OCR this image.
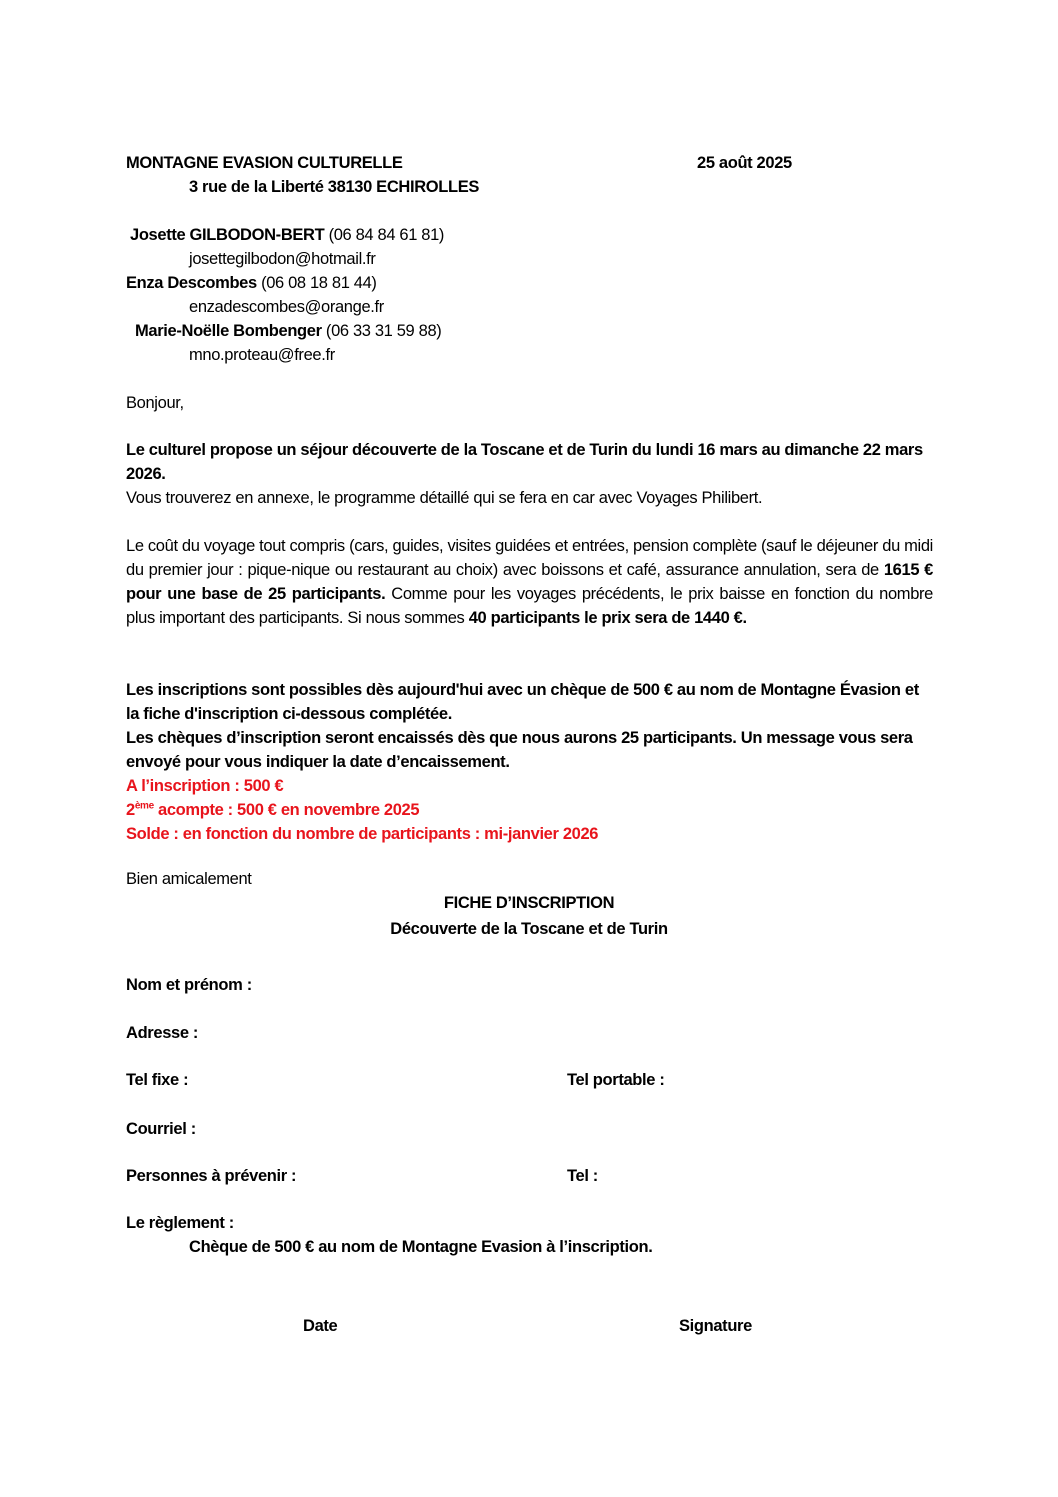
MONTAGNE EVASION CULTURELLE	25 août 2025
3 rue de la Liberté 38130 ECHIROLLES
Josette GILBODON-BERT (06 84 84 61 81)
josettegilbodon@hotmail.fr
Enza Descombes (06 08 18 81 44)
enzadescombes@orange.fr
Marie-Noëlle Bombenger (06 33 31 59 88)
mno.proteau@free.fr
Bonjour,
Le culturel propose un séjour découverte de la Toscane et de Turin du lundi 16 mars au dimanche 22 mars 2026.
Vous trouverez en annexe, le programme détaillé qui se fera en car avec Voyages Philibert.
Le coût du voyage tout compris (cars, guides, visites guidées et entrées, pension complète (sauf le déjeuner du midi du premier jour : pique-nique ou restaurant au choix) avec boissons et café, assurance annulation, sera de 1615 € pour une base de 25 participants. Comme pour les voyages précédents, le prix baisse en fonction du nombre plus important des participants. Si nous sommes 40 participants le prix sera de 1440 €.
Les inscriptions sont possibles dès aujourd'hui avec un chèque de 500 € au nom de Montagne Évasion et la fiche d'inscription ci-dessous complétée.
Les chèques d’inscription seront encaissés dès que nous aurons 25 participants. Un message vous sera envoyé pour vous indiquer la date d’encaissement.
A l’inscription : 500 €
2ème acompte : 500 € en novembre 2025
Solde : en fonction du nombre de participants : mi-janvier 2026
Bien amicalement
FICHE D’INSCRIPTION
Découverte de la Toscane et de Turin
Nom et prénom :
Adresse :
Tel fixe :	Tel portable :
Courriel :
Personnes à prévenir :	Tel :
Le règlement :
Chèque de 500 € au nom de Montagne Evasion à l’inscription.
Date	Signature
